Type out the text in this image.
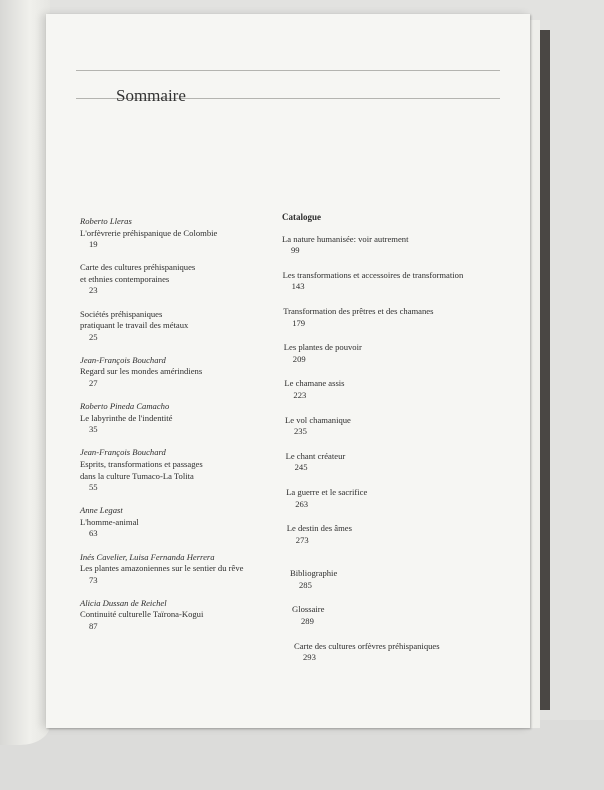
Sommaire
Roberto Lleras
L'orfèvrerie préhispanique de Colombie
19
Carte des cultures préhispaniques
et ethnies contemporaines
23
Sociétés préhispaniques
pratiquant le travail des métaux
25
Jean-François Bouchard
Regard sur les mondes amérindiens
27
Roberto Pineda Camacho
Le labyrinthe de l'indentité
35
Jean-François Bouchard
Esprits, transformations et passages
dans la culture Tumaco-La Tolita
55
Anne Legast
L'homme-animal
63
Inés Cavelier, Luisa Fernanda Herrera
Les plantes amazoniennes sur le sentier du rêve
73
Alicia Dussan de Reichel
Continuité culturelle Taïrona-Kogui
87
Catalogue
La nature humanisée: voir autrement
99
Les transformations et accessoires de transformation
143
Transformation des prêtres et des chamanes
179
Les plantes de pouvoir
209
Le chamane assis
223
Le vol chamanique
235
Le chant créateur
245
La guerre et le sacrifice
263
Le destin des âmes
273
Bibliographie
285
Glossaire
289
Carte des cultures orfèvres préhispaniques
293
